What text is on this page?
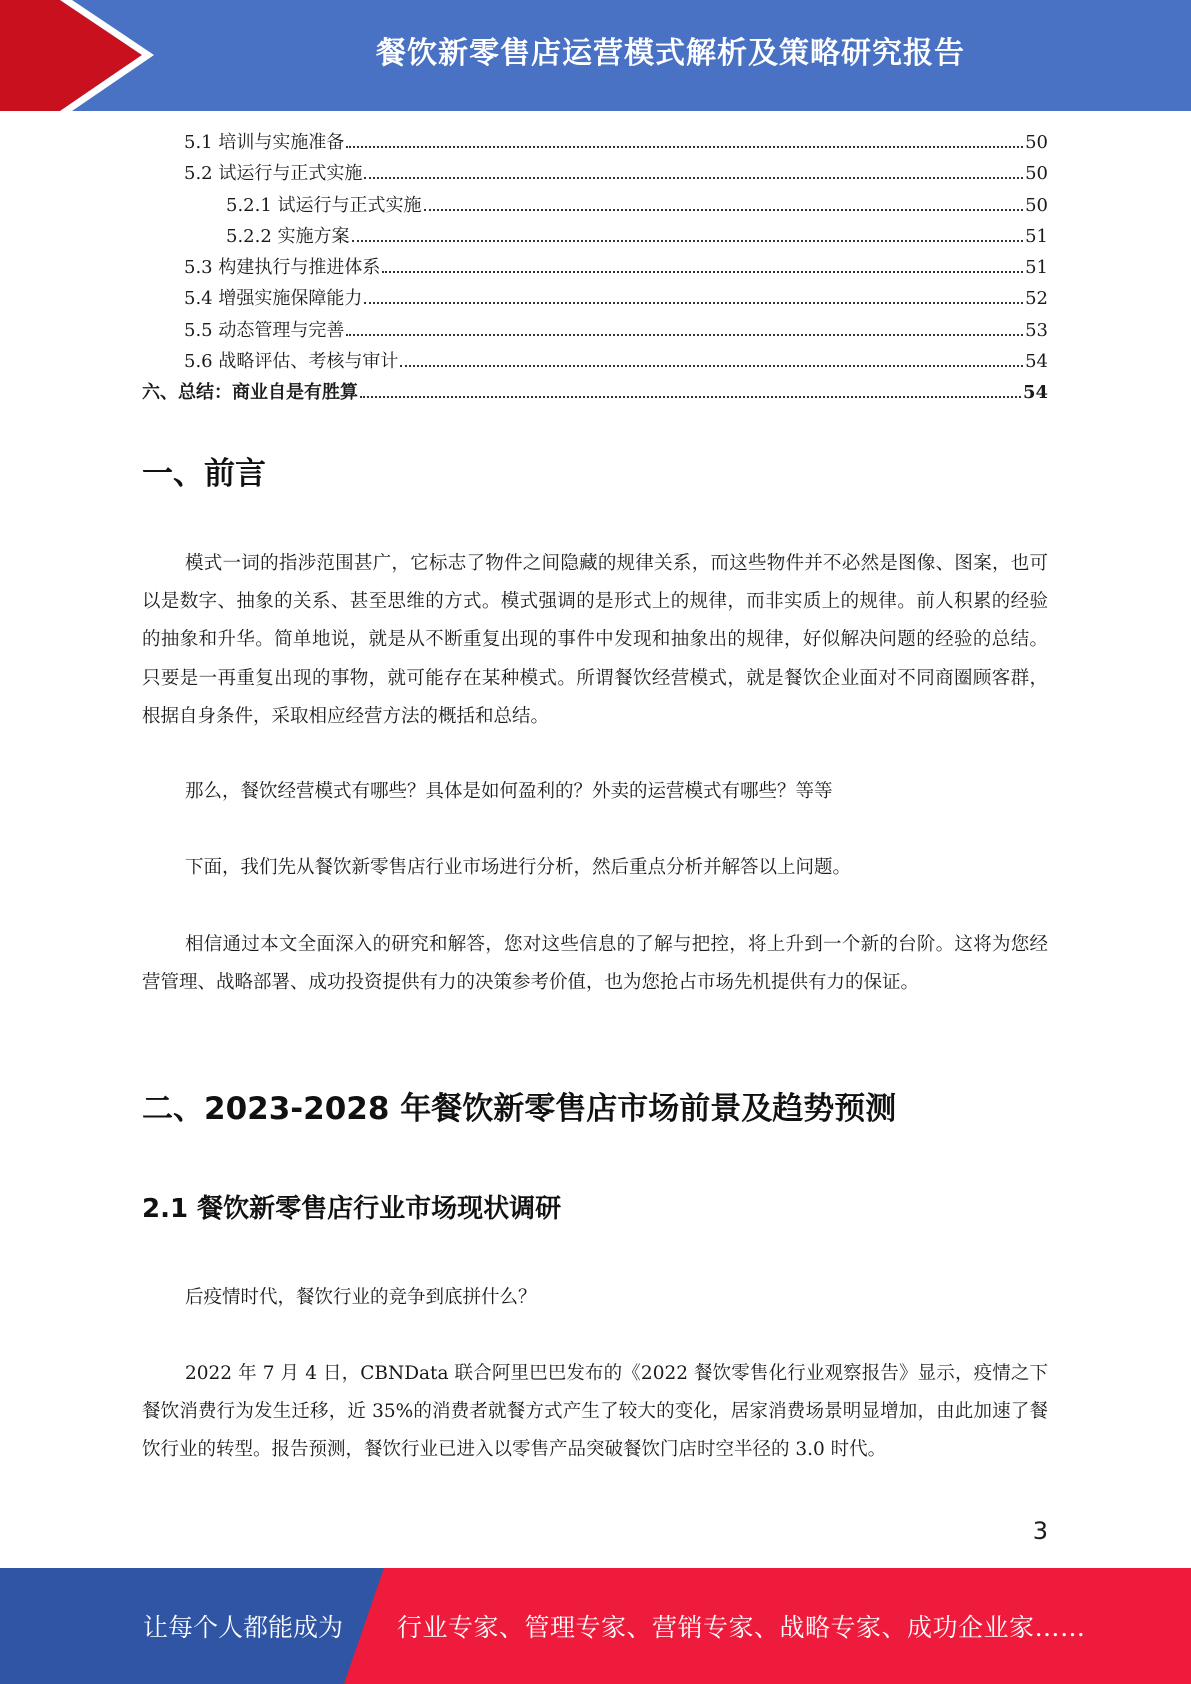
餐饮新零售店运营模式解析及策略研究报告
5.1 培训与实施准备	50
5.2 试运行与正式实施	50
5.2.1 试运行与正式实施	50
5.2.2 实施方案	51
5.3 构建执行与推进体系	51
5.4 增强实施保障能力	52
5.5 动态管理与完善	53
5.6 战略评估、考核与审计	54
六、总结：商业自是有胜算	54
一、前言
模式一词的指涉范围甚广，它标志了物件之间隐藏的规律关系，而这些物件并不必然是图像、图案，也可以是数字、抽象的关系、甚至思维的方式。模式强调的是形式上的规律，而非实质上的规律。前人积累的经验的抽象和升华。简单地说，就是从不断重复出现的事件中发现和抽象出的规律，好似解决问题的经验的总结。只要是一再重复出现的事物，就可能存在某种模式。所谓餐饮经营模式，就是餐饮企业面对不同商圈顾客群，根据自身条件，采取相应经营方法的概括和总结。
那么，餐饮经营模式有哪些？具体是如何盈利的？外卖的运营模式有哪些？等等
下面，我们先从餐饮新零售店行业市场进行分析，然后重点分析并解答以上问题。
相信通过本文全面深入的研究和解答，您对这些信息的了解与把控，将上升到一个新的台阶。这将为您经营管理、战略部署、成功投资提供有力的决策参考价值，也为您抢占市场先机提供有力的保证。
二、2023-2028 年餐饮新零售店市场前景及趋势预测
2.1 餐饮新零售店行业市场现状调研
后疫情时代，餐饮行业的竞争到底拼什么？
2022 年 7 月 4 日，CBNData 联合阿里巴巴发布的《2022 餐饮零售化行业观察报告》显示，疫情之下餐饮消费行为发生迁移，近 35%的消费者就餐方式产生了较大的变化，居家消费场景明显增加，由此加速了餐饮行业的转型。报告预测，餐饮行业已进入以零售产品突破餐饮门店时空半径的 3.0 时代。
3
让每个人都能成为 行业专家、管理专家、营销专家、战略专家、成功企业家……
